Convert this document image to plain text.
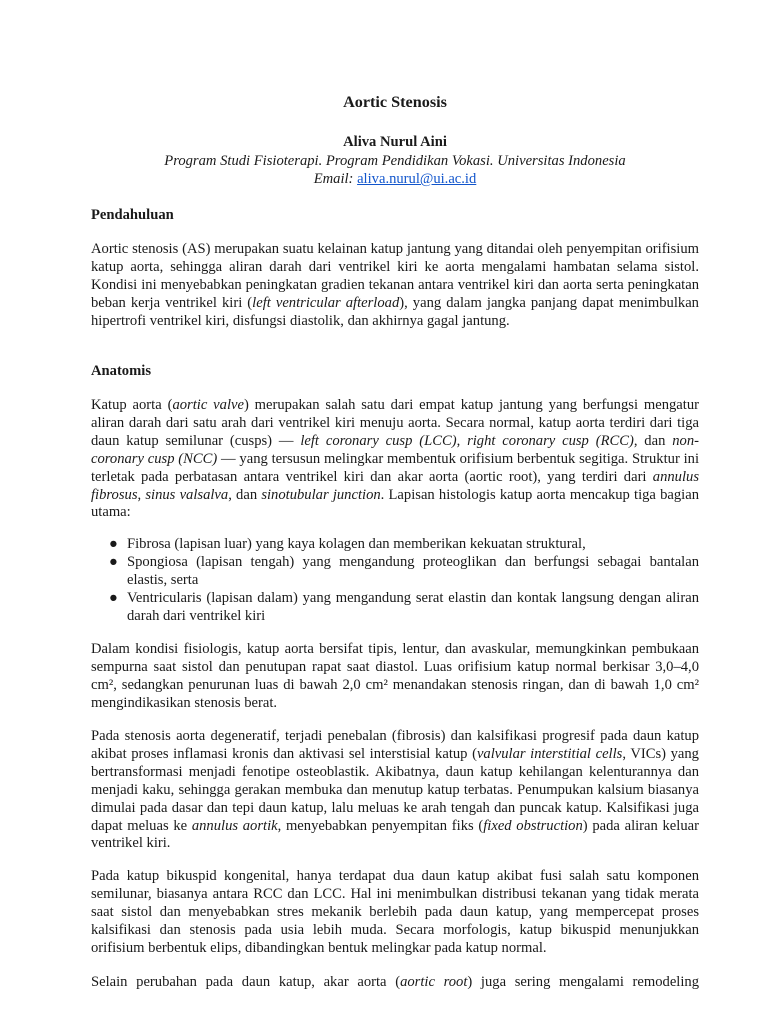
Aortic Stenosis

Aliva Nurul Aini

Program Studi Fisioterapi. Program Pendidikan Vokasi. Universitas Indonesia

Email: aliva.nurul@ui.ac.id

Pendahuluan

Aortic stenosis (AS) merupakan suatu kelainan katup jantung yang ditandai oleh penyempitan orifisium katup aorta, sehingga aliran darah dari ventrikel kiri ke aorta mengalami hambatan selama sistol. Kondisi ini menyebabkan peningkatan gradien tekanan antara ventrikel kiri dan aorta serta peningkatan beban kerja ventrikel kiri (left ventricular afterload), yang dalam jangka panjang dapat menimbulkan hipertrofi ventrikel kiri, disfungsi diastolik, dan akhirnya gagal jantung.

Anatomis

Katup aorta (aortic valve) merupakan salah satu dari empat katup jantung yang berfungsi mengatur aliran darah dari satu arah dari ventrikel kiri menuju aorta. Secara normal, katup aorta terdiri dari tiga daun katup semilunar (cusps) — left coronary cusp (LCC), right coronary cusp (RCC), dan non-coronary cusp (NCC) — yang tersusun melingkar membentuk orifisium berbentuk segitiga. Struktur ini terletak pada perbatasan antara ventrikel kiri dan akar aorta (aortic root), yang terdiri dari annulus fibrosus, sinus valsalva, dan sinotubular junction. Lapisan histologis katup aorta mencakup tiga bagian utama:

● Fibrosa (lapisan luar) yang kaya kolagen dan memberikan kekuatan struktural,
● Spongiosa (lapisan tengah) yang mengandung proteoglikan dan berfungsi sebagai bantalan elastis, serta
● Ventricularis (lapisan dalam) yang mengandung serat elastin dan kontak langsung dengan aliran darah dari ventrikel kiri

Dalam kondisi fisiologis, katup aorta bersifat tipis, lentur, dan avaskular, memungkinkan pembukaan sempurna saat sistol dan penutupan rapat saat diastol. Luas orifisium katup normal berkisar 3,0–4,0 cm², sedangkan penurunan luas di bawah 2,0 cm² menandakan stenosis ringan, dan di bawah 1,0 cm² mengindikasikan stenosis berat.

Pada stenosis aorta degeneratif, terjadi penebalan (fibrosis) dan kalsifikasi progresif pada daun katup akibat proses inflamasi kronis dan aktivasi sel interstisial katup (valvular interstitial cells, VICs) yang bertransformasi menjadi fenotipe osteoblastik. Akibatnya, daun katup kehilangan kelenturannya dan menjadi kaku, sehingga gerakan membuka dan menutup katup terbatas. Penumpukan kalsium biasanya dimulai pada dasar dan tepi daun katup, lalu meluas ke arah tengah dan puncak katup. Kalsifikasi juga dapat meluas ke annulus aortik, menyebabkan penyempitan fiks (fixed obstruction) pada aliran keluar ventrikel kiri.

Pada katup bikuspid kongenital, hanya terdapat dua daun katup akibat fusi salah satu komponen semilunar, biasanya antara RCC dan LCC. Hal ini menimbulkan distribusi tekanan yang tidak merata saat sistol dan menyebabkan stres mekanik berlebih pada daun katup, yang mempercepat proses kalsifikasi dan stenosis pada usia lebih muda. Secara morfologis, katup bikuspid menunjukkan orifisium berbentuk elips, dibandingkan bentuk melingkar pada katup normal.

Selain perubahan pada daun katup, akar aorta (aortic root) juga sering mengalami remodeling
